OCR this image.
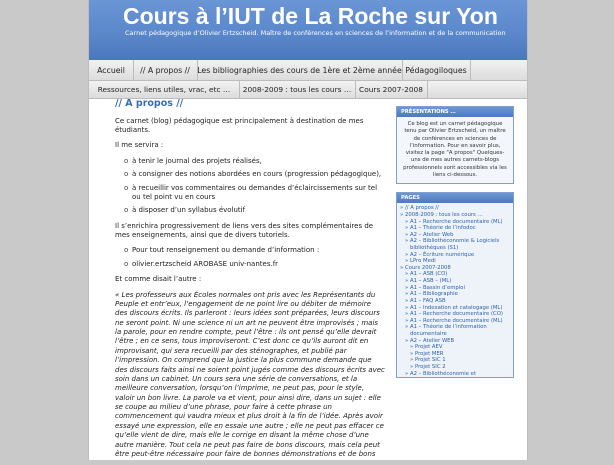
Cours à l’IUT de La Roche sur Yon
Carnet pédagogique d’Olivier Ertzscheid. Maître de conférences en sciences de l’information et de la communication
Accueil	// A propos // Les bibliographies des cours de 1ère et 2ème année Pédagogiloques
Ressources, liens utiles, vrac, etc …	2008-2009 : tous les cours …	Cours 2007-2008
// A propos //

Ce carnet (blog) pédagogique est principalement à destination de mes étudiants.

Il me servira :

o à tenir le journal des projets réalisés,
o à consigner des notions abordées en cours (progression pédagogique),
o à recueillir vos commentaires ou demandes d’éclaircissements sur tel ou tel point vu en cours
o à disposer d’un syllabus évolutif

Il s’enrichira progressivement de liens vers des sites complémentaires de mes enseignements, ainsi que de divers tutoriels.

o Pour tout renseignement ou demande d’information :
o olivier.ertzscheid AROBASE univ-nantes.fr

Et comme disait l’autre :

« Les professeurs aux Écoles normales ont pris avec les Représentants du Peuple et entr’eux, l’engagement de ne point lire ou débiter de mémoire des discours écrits. Ils parleront : leurs idées sont préparées, leurs discours ne seront point. Ni une science ni un art ne peuvent être improvisés ; mais la parole, pour en rendre compte, peut l’être : ils ont pensé qu’elle devrait l’être ; en ce sens, tous improviseront. C’est donc ce qu’ils auront dit en improvisant, qui sera recueilli par des sténographes, et publié par l’impression. On comprend que la justice la plus commune demande que des discours faits ainsi ne soient point jugés comme des discours écrits avec soin dans un cabinet. Un cours sera une série de conversations, et la meilleure conversation, lorsqu’on l’imprime, ne peut pas, pour le style, valoir un bon livre. La parole va et vient, pour ainsi dire, dans un sujet : elle se coupe au milieu d’une phrase, pour faire à cette phrase un commencement qui vaudra mieux et plus droit à la fin de l’idée. Après avoir essayé une expression, elle en essaie une autre ; elle ne peut pas effacer ce qu’elle vient de dire, mais elle le corrige en disant la même chose d’une autre manière. Tout cela ne peut pas faire de bons discours, mais cela peut être peut-être nécessaire pour faire de bonnes démonstrations et de bons

PRÉSENTATIONS …
Ce blog est un carnet pédagogique tenu par Olivier Ertzscheid, un maître de conférences en sciences de l’information. Pour en savoir plus, visitez la page "A propos" Quelques-uns de mes autres carnets-blogs professionnels sont accessibles via les liens ci-dessous.
PAGES
» // A propos //
» 2008-2009 : tous les cours …
» A1 – Recherche documentaire (ML)
» A1 – Théorie de l’infodoc
» A2 – Atelier Web
» A2 – Bibliothéconomie & Logiciels bibliothèques (S1)
» A2 – Écriture numérique
» LPro Medi
» Cours 2007-2008
» A1 – ASB (CO)
» A1 – ASB – (ML)
» A1 – Bassin d’emploi
» A1 – Bibliographie
» A1 – FAQ ASB
» A1 – Indexation et catalogage (ML)
» A1 – Recherche documentaire (CO)
» A1 – Recherche documentaire (ML)
» A1 – Théorie de l’information documentaire
» A2 – Atelier WEB
» Projet AEV
» Projet MER
» Projet SIC 1
» Projet SIC 2
» A2 – Bibliothéconomie et
